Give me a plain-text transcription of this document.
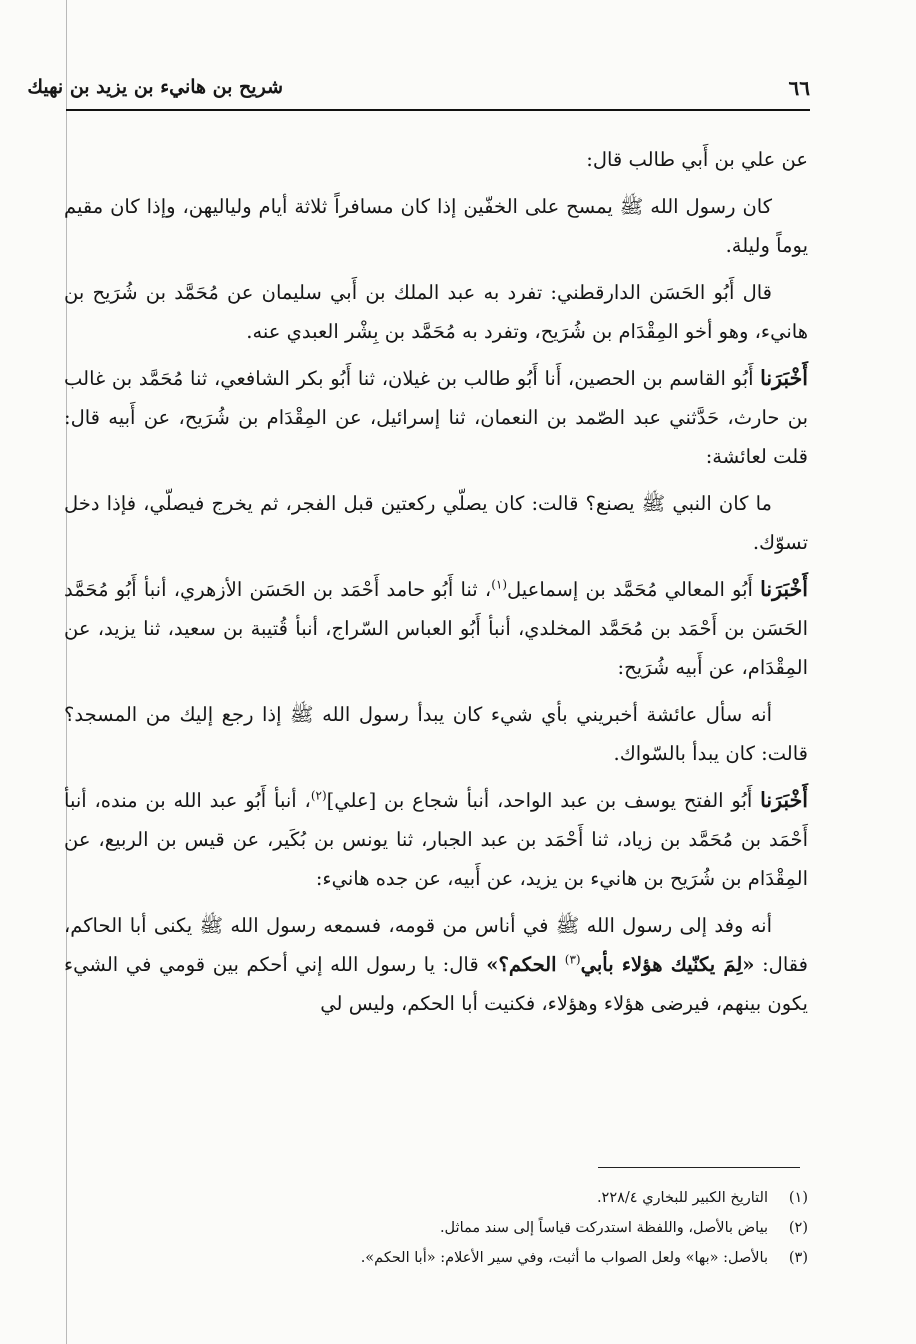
شريح بن هانيء بن يزيد بن نهيك	٦٦

عن علي بن أَبي طالب قال:

كان رسول الله ﷺ يمسح على الخفّين إذا كان مسافراً ثلاثة أيام ولياليهن، وإذا كان مقيم يوماً وليلة.

قال أَبُو الحَسَن الدارقطني: تفرد به عبد الملك بن أَبي سليمان عن مُحَمَّد بن شُرَيح بن هانيء، وهو أخو المِقْدَام بن شُرَيح، وتفرد به مُحَمَّد بن بِشْر العبدي عنه.

أَخْبَرَنا أَبُو القاسم بن الحصين، أَنا أَبُو طالب بن غيلان، ثنا أَبُو بكر الشافعي، ثنا مُحَمَّد بن غالب بن حارث، حَدَّثني عبد الصّمد بن النعمان، ثنا إسرائيل، عن المِقْدَام بن شُرَيح، عن أَبيه قال: قلت لعائشة:

ما كان النبي ﷺ يصنع؟ قالت: كان يصلّي ركعتين قبل الفجر، ثم يخرج فيصلّي، فإذا دخل تسوّك.

أَخْبَرَنا أَبُو المعالي مُحَمَّد بن إسماعيل$^{(١)}$، ثنا أَبُو حامد أَحْمَد بن الحَسَن الأزهري، أنبأ أَبُو مُحَمَّد الحَسَن بن أَحْمَد بن مُحَمَّد المخلدي، أنبأ أَبُو العباس السّراج، أنبأ قُتيبة بن سعيد، ثنا يزيد، عن المِقْدَام، عن أَبيه شُرَيح:

أنه سأل عائشة أخبريني بأي شيء كان يبدأ رسول الله ﷺ إذا رجع إليك من المسجد؟ قالت: كان يبدأ بالسّواك.

أَخْبَرَنا أَبُو الفتح يوسف بن عبد الواحد، أنبأ شجاع بن [علي]$^{(٢)}$، أنبأ أَبُو عبد الله بن منده، أنبأ أَحْمَد بن مُحَمَّد بن زياد، ثنا أَحْمَد بن عبد الجبار، ثنا يونس بن بُكَير، عن قيس بن الربيع، عن المِقْدَام بن شُرَيح بن هانيء بن يزيد، عن أَبيه، عن جده هانيء:

أنه وفد إلى رسول الله ﷺ في أناس من قومه، فسمعه رسول الله ﷺ يكنى أبا الحاكم، فقال: «لِمَ يكنّيك هؤلاء بأبي$^{(٣)}$ الحكم؟» قال: يا رسول الله إني أحكم بين قومي في الشيء يكون بينهم، فيرضى هؤلاء وهؤلاء، فكنيت أبا الحكم، وليس لي

(١)
التاريخ الكبير للبخاري ٢٢٨/٤.
(٢)
بياض بالأصل، واللفظة استدركت قياساً إلى سند مماثل.
(٣)
بالأصل: «بها» ولعل الصواب ما أثبت، وفي سير الأعلام: «أبا الحكم».
